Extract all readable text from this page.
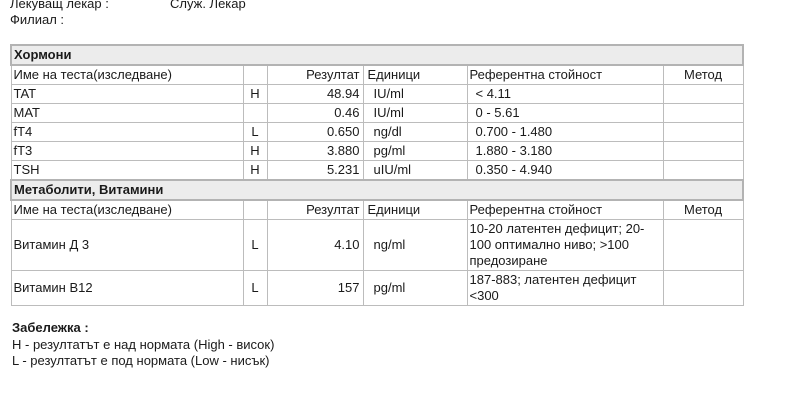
Лекуващ лекар :	Служ. Лекар
Филиал :
Хормони					
Име на теста(изследване)		Резултат	Единици	Референтна стойност	Метод
TAT	H	48.94	IU/ml	< 4.11	
MAT		0.46	IU/ml	0 - 5.61	
fT4	L	0.650	ng/dl	0.700 - 1.480	
fT3	H	3.880	pg/ml	1.880 - 3.180	
TSH	H	5.231	uIU/ml	0.350 - 4.940	
Метаболити, Витамини					
Име на теста(изследване)		Резултат	Единици	Референтна стойност	Метод
Витамин Д 3	L	4.10	ng/ml	10-20 латентен дефицит; 20-
100 оптимално ниво; >100
предозиране	
Витамин B12	L	157	pg/ml	187-883; латентен дефицит
<300	
Забележка :
H - резултатът е над нормата (High - висок)
L - резултатът е под нормата (Low - нисък)
